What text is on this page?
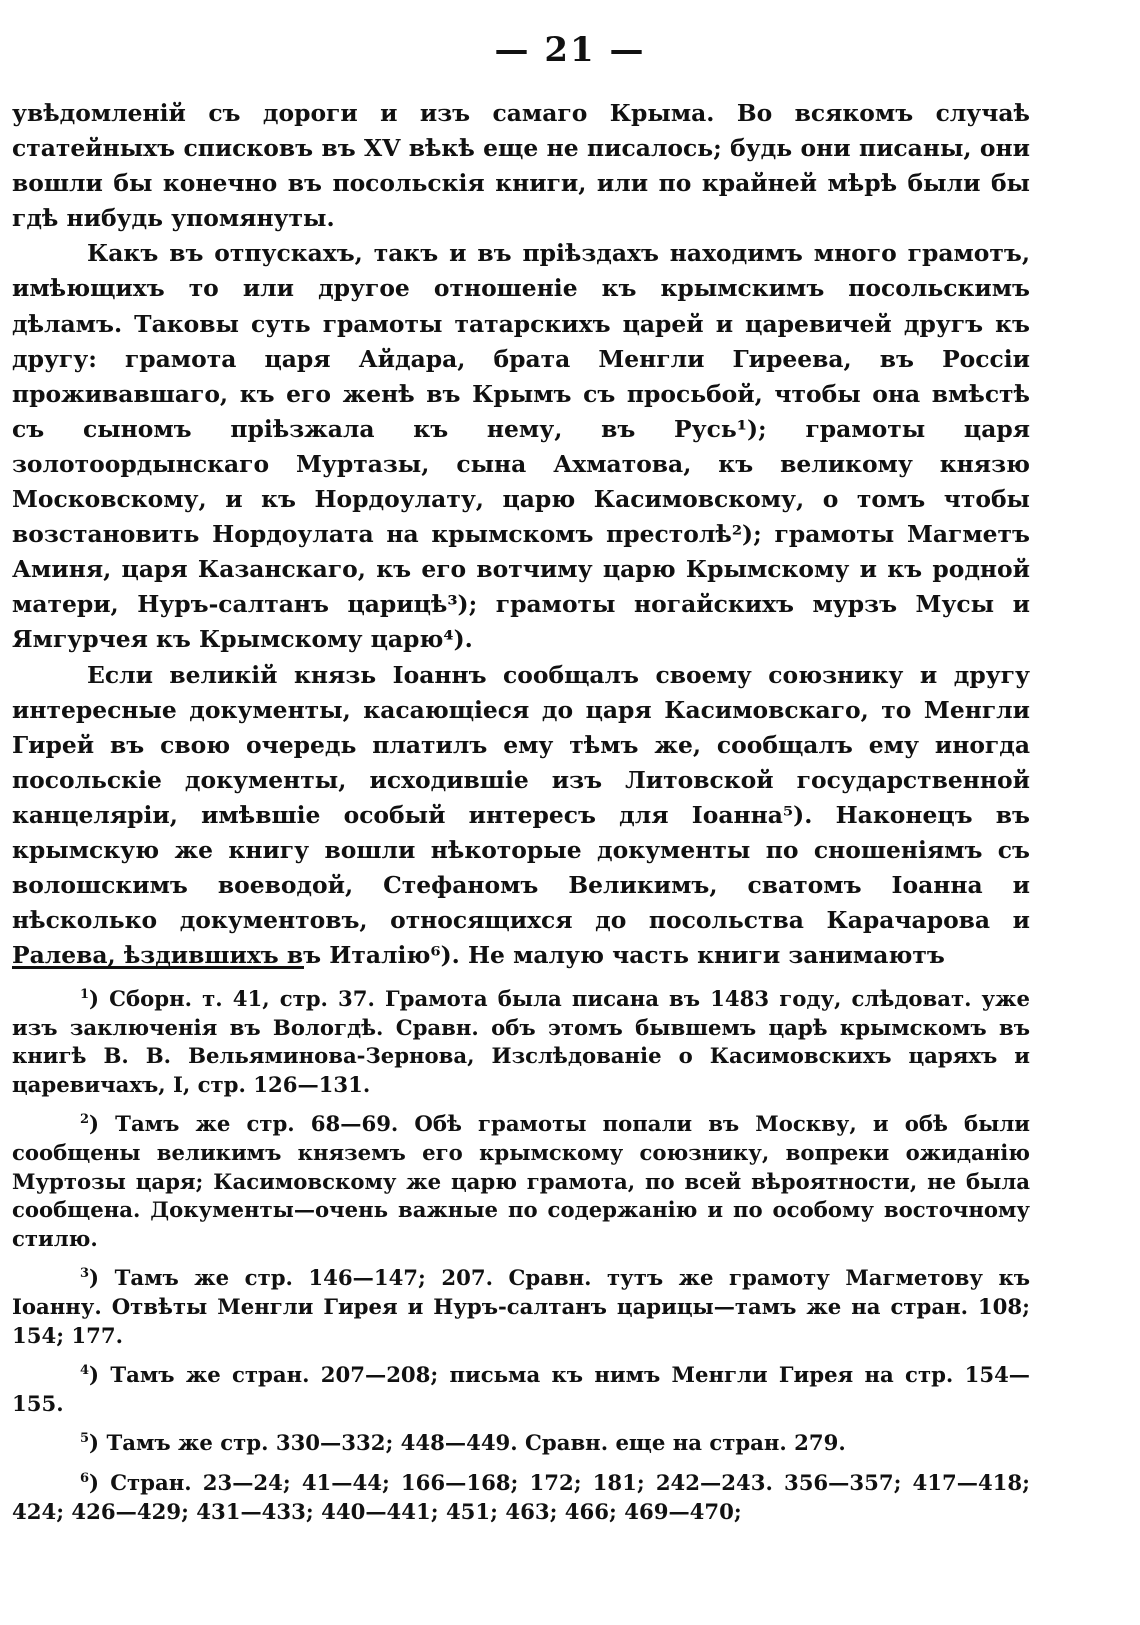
— 21 —

увѣдомленій съ дороги и изъ самаго Крыма. Во всякомъ случаѣ статейныхъ списковъ въ XV вѣкѣ еще не писалось; будь они писаны, они вошли бы конечно въ посольскія книги, или по крайней мѣрѣ были бы гдѣ нибудь упомянуты.

Какъ въ отпускахъ, такъ и въ пріѣздахъ находимъ много грамотъ, имѣющихъ то или другое отношеніе къ крымскимъ посольскимъ дѣламъ. Таковы суть грамоты татарскихъ царей и царевичей другъ къ другу: грамота царя Айдара, брата Менгли Гиреева, въ Россіи проживавшаго, къ его женѣ въ Крымъ съ просьбой, чтобы она вмѣстѣ съ сыномъ пріѣзжала къ нему, въ Русь¹); грамоты царя золотоордынскаго Муртазы, сына Ахматова, къ великому князю Московскому, и къ Нордоулату, царю Касимовскому, о томъ чтобы возстановить Нордоулата на крымскомъ престолѣ²); грамоты Магметъ Аминя, царя Казанскаго, къ его вотчиму царю Крымскому и къ родной матери, Нуръ-салтанъ царицѣ³); грамоты ногайскихъ мурзъ Мусы и Ямгурчея къ Крымскому царю⁴).

Если великій князь Іоаннъ сообщалъ своему союзнику и другу интересные документы, касающіеся до царя Касимовскаго, то Менгли Гирей въ свою очередь платилъ ему тѣмъ же, сообщалъ ему иногда посольскіе документы, исходившіе изъ Литовской государственной канцеляріи, имѣвшіе особый интересъ для Іоанна⁵). Наконецъ въ крымскую же книгу вошли нѣкоторые документы по сношеніямъ съ волошскимъ воеводой, Стефаномъ Великимъ, сватомъ Іоанна и нѣсколько документовъ, относящихся до посольства Карачарова и Ралева, ѣздившихъ въ Италію⁶). Не малую часть книги занимаютъ

$^1$) Сборн. т. 41, стр. 37. Грамота была писана въ 1483 году, слѣдоват. уже изъ заключенія въ Вологдѣ. Сравн. объ этомъ бывшемъ царѣ крымскомъ въ книгѣ В. В. Вельяминова-Зернова, Изслѣдованіе о Касимовскихъ царяхъ и царевичахъ, I, стр. 126—131.

$^2$) Тамъ же стр. 68—69. Обѣ грамоты попали въ Москву, и обѣ были сообщены великимъ княземъ его крымскому союзнику, вопреки ожиданію Муртозы царя; Касимовскому же царю грамота, по всей вѣроятности, не была сообщена. Документы—очень важные по содержанію и по особому восточному стилю.

$^3$) Тамъ же стр. 146—147; 207. Сравн. тутъ же грамоту Магметову къ Іоанну. Отвѣты Менгли Гирея и Нуръ-салтанъ царицы—тамъ же на стран. 108; 154; 177.

$^4$) Тамъ же стран. 207—208; письма къ нимъ Менгли Гирея на стр. 154—155.

$^5$) Тамъ же стр. 330—332; 448—449. Сравн. еще на стран. 279.

$^6$) Стран. 23—24; 41—44; 166—168; 172; 181; 242—243. 356—357; 417—418; 424; 426—429; 431—433; 440—441; 451; 463; 466; 469—470;
